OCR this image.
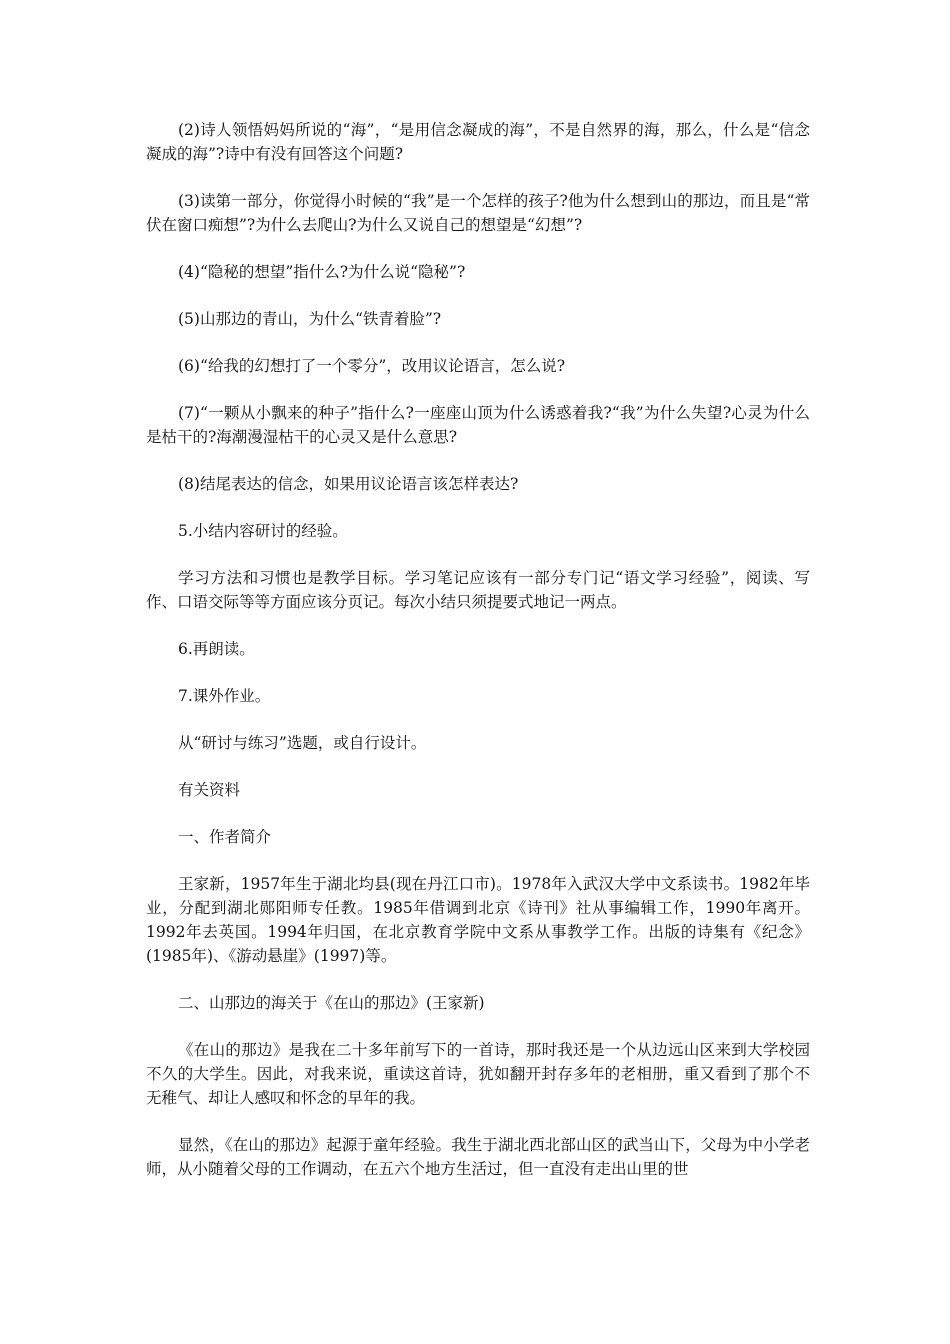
(2)诗人领悟妈妈所说的“海”，“是用信念凝成的海”，不是自然界的海，那么，什么是“信念凝成的海”?诗中有没有回答这个问题?

(3)读第一部分，你觉得小时候的“我”是一个怎样的孩子?他为什么想到山的那边，而且是“常伏在窗口痴想”?为什么去爬山?为什么又说自己的想望是“幻想”?

(4)“隐秘的想望”指什么?为什么说“隐秘”?

(5)山那边的青山，为什么“铁青着脸”?

(6)“给我的幻想打了一个零分”，改用议论语言，怎么说?

(7)“一颗从小飘来的种子”指什么?一座座山顶为什么诱惑着我?“我”为什么失望?心灵为什么是枯干的?海潮漫湿枯干的心灵又是什么意思?

(8)结尾表达的信念，如果用议论语言该怎样表达?

5.小结内容研讨的经验。

学习方法和习惯也是教学目标。学习笔记应该有一部分专门记“语文学习经验”，阅读、写作、口语交际等等方面应该分页记。每次小结只须提要式地记一两点。

6.再朗读。

7.课外作业。

从“研讨与练习”选题，或自行设计。

有关资料

一、作者简介

王家新，1957年生于湖北均县(现在丹江口市)。1978年入武汉大学中文系读书。1982年毕业，分配到湖北郧阳师专任教。1985年借调到北京《诗刊》社从事编辑工作，1990年离开。1992年去英国。1994年归国，在北京教育学院中文系从事教学工作。出版的诗集有《纪念》(1985年)、《游动悬崖》(1997)等。

二、山那边的海关于《在山的那边》(王家新)

《在山的那边》是我在二十多年前写下的一首诗，那时我还是一个从边远山区来到大学校园不久的大学生。因此，对我来说，重读这首诗，犹如翻开封存多年的老相册，重又看到了那个不无稚气、却让人感叹和怀念的早年的我。

显然，《在山的那边》起源于童年经验。我生于湖北西北部山区的武当山下，父母为中小学老师，从小随着父母的工作调动，在五六个地方生活过，但一直没有走出山里的世
